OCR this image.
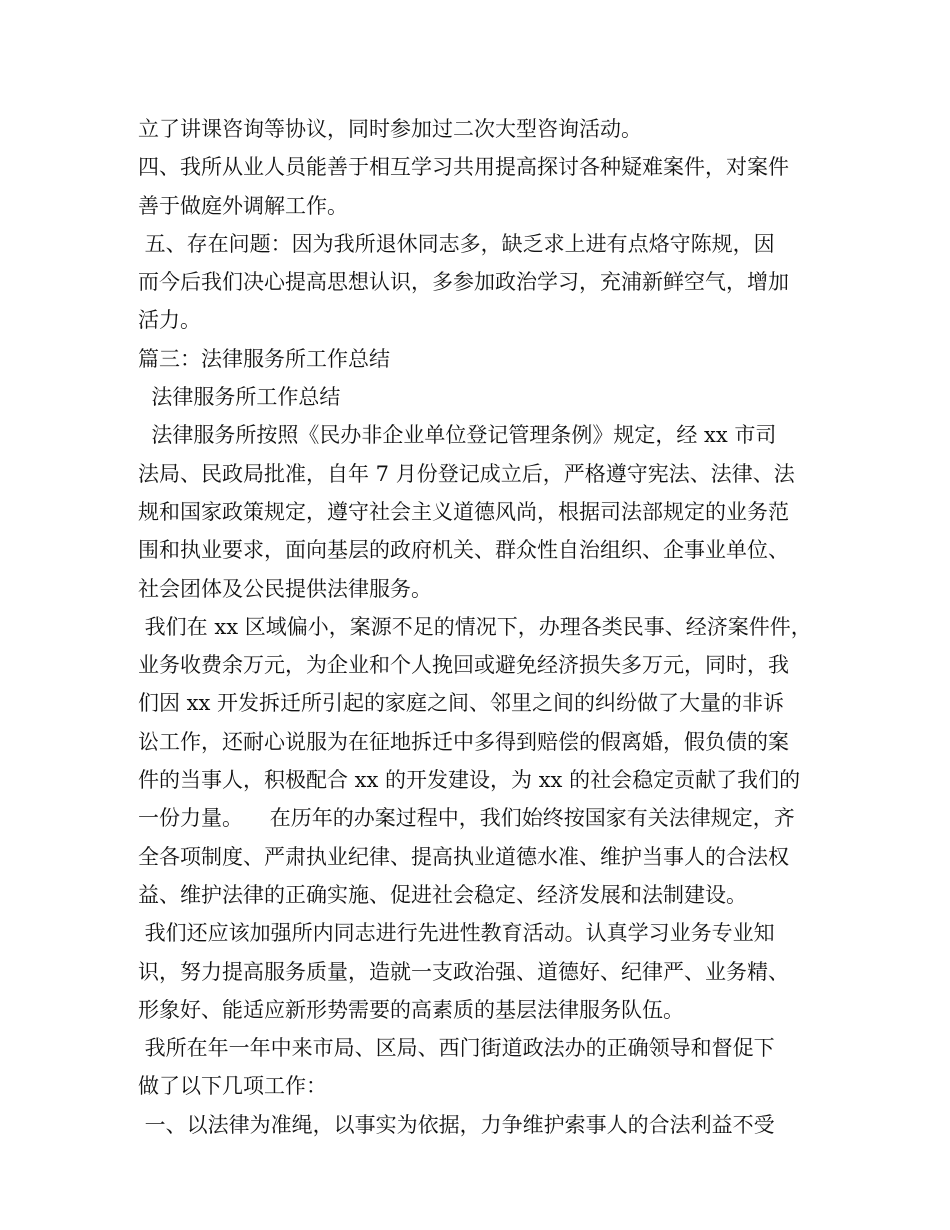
立了讲课咨询等协议，同时参加过二次大型咨询活动。
四、我所从业人员能善于相互学习共用提高探讨各种疑难案件，对案件
善于做庭外调解工作。
五、存在问题：因为我所退休同志多，缺乏求上进有点烙守陈规，因
而今后我们决心提高思想认识，多参加政治学习，充浦新鲜空气，增加
活力。
篇三：法律服务所工作总结
法律服务所工作总结
法律服务所按照《民办非企业单位登记管理条例》规定，经 xx 市司
法局、民政局批准，自年 7 月份登记成立后，严格遵守宪法、法律、法
规和国家政策规定，遵守社会主义道德风尚，根据司法部规定的业务范
围和执业要求，面向基层的政府机关、群众性自治组织、企事业单位、
社会团体及公民提供法律服务。
我们在 xx 区域偏小，案源不足的情况下，办理各类民事、经济案件件，
业务收费余万元，为企业和个人挽回或避免经济损失多万元，同时，我
们因 xx 开发拆迁所引起的家庭之间、邻里之间的纠纷做了大量的非诉
讼工作，还耐心说服为在征地拆迁中多得到赔偿的假离婚，假负债的案
件的当事人，积极配合 xx 的开发建设，为 xx 的社会稳定贡献了我们的
一份力量。    在历年的办案过程中，我们始终按国家有关法律规定，齐
全各项制度、严肃执业纪律、提高执业道德水准、维护当事人的合法权
益、维护法律的正确实施、促进社会稳定、经济发展和法制建设。
我们还应该加强所内同志进行先进性教育活动。认真学习业务专业知
识，努力提高服务质量，造就一支政治强、道德好、纪律严、业务精、
形象好、能适应新形势需要的高素质的基层法律服务队伍。
我所在年一年中来市局、区局、西门街道政法办的正确领导和督促下
做了以下几项工作：
一、以法律为准绳，以事实为依据，力争维护索事人的合法利益不受
